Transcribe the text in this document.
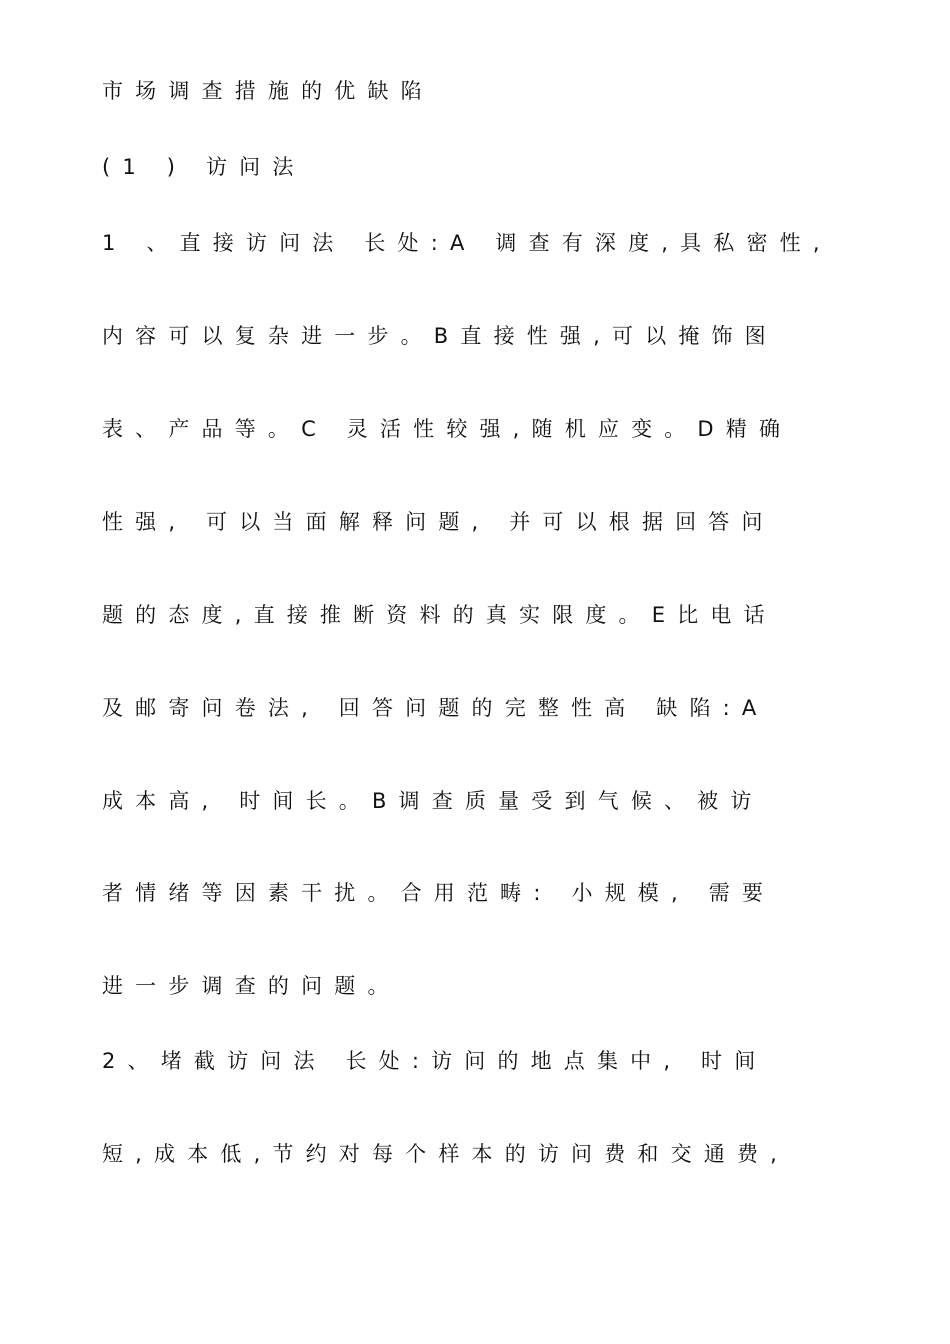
市场调查措施的优缺陷
(1 ) 访问法
1 、直接访问法 长处:A 调查有深度,具私密性,
内容可以复杂进一步。B直接性强,可以掩饰图
表、产品等。C 灵活性较强,随机应变。D精确
性强, 可以当面解释问题, 并可以根据回答问
题的态度,直接推断资料的真实限度。E比电话
及邮寄问卷法, 回答问题的完整性高 缺陷:A
成本高, 时间长。B调查质量受到气候、被访
者情绪等因素干扰。合用范畴: 小规模, 需要
进一步调查的问题。
2、堵截访问法 长处:访问的地点集中, 时间
短,成本低,节约对每个样本的访问费和交通费,
